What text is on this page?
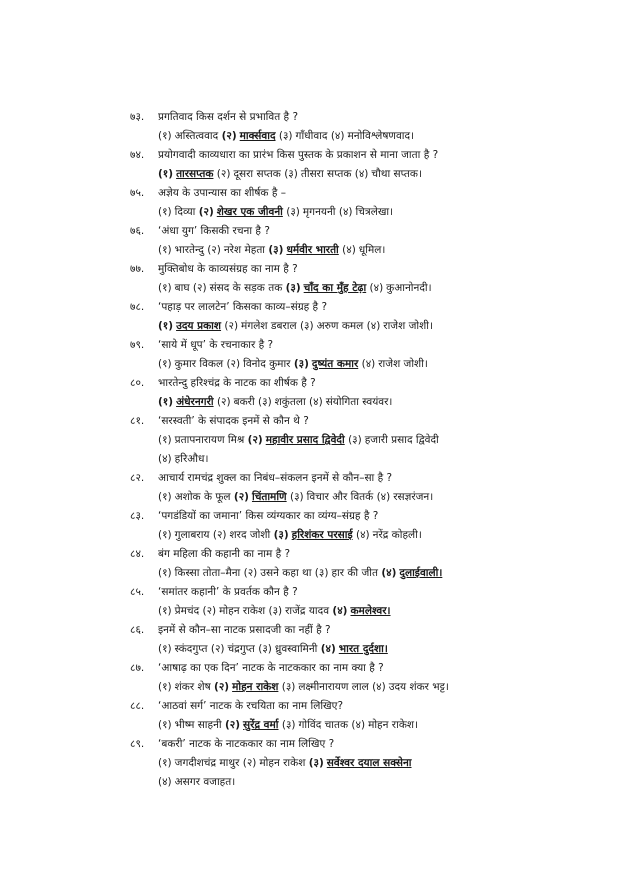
७३.	प्रगतिवाद किस दर्शन से प्रभावित है ?
(१) अस्तित्ववाद (२) मार्क्सवाद (३) गाँधीवाद (४) मनोविश्लेषणवाद।
७४.	प्रयोगवादी काव्यधारा का प्रारंभ किस पुस्तक के प्रकाशन से माना जाता है ?
(१) तारसप्तक (२) दूसरा सप्तक (३) तीसरा सप्तक (४) चौथा सप्तक।
७५.	अज्ञेय के उपान्यास का शीर्षक है –
(१) दिव्या (२) शेखर एक जीवनी (३) मृगनयनी (४) चित्रलेखा।
७६.	‘अंधा युग’ किसकी रचना है ?
(१) भारतेन्दु (२) नरेश मेहता (३) धर्मवीर भारती (४) धूमिल।
७७.	मुक्तिबोध के काव्यसंग्रह का नाम है ?
(१) बाघ (२) संसद के सड़क तक (३) चाँद का मुँह टेढ़ा (४) कुआनोनदी।
७८.	‘पहाड़ पर लालटेन’ किसका काव्य–संग्रह है ?
(१) उदय प्रकाश (२) मंगलेश डबराल (३) अरुण कमल (४) राजेश जोशी।
७९.	‘साये में धूप’ के रचनाकार है ?
(१) कुमार विकल (२) विनोद कुमार (३) दुष्यंत कमार (४) राजेश जोशी।
८०.	भारतेन्दु हरिश्चंद्र के नाटक का शीर्षक है ?
(१) अंधेरनगरी (२) बकरी (३) शकुंतला (४) संयोगिता स्वयंवर।
८१.	‘सरस्वती’ के संपादक इनमें से कौन थे ?
(१) प्रतापनारायण मिश्र (२) महावीर प्रसाद द्विवेदी (३) हजारी प्रसाद द्विवेदी
(४) हरिऔध।
८२.	आचार्य रामचंद्र शुक्ल का निबंध–संकलन इनमें से कौन–सा है ?
(१) अशोक के फूल (२) चिंतामणि (३) विचार और वितर्क (४) रसज्ञरंजन।
८३.	‘पगडंडियों का जमाना’ किस व्यंग्यकार का व्यंग्य–संग्रह है ?
(१) गुलाबराय (२) शरद जोशी (३) हरिशंकर परसाई (४) नरेंद्र कोहली।
८४.	बंग महिला की कहानी का नाम है ?
(१) किस्सा तोता–मैना (२) उसने कहा था (३) हार की जीत (४) दुलाईवाली।
८५.	‘समांतर कहानी’ के प्रवर्तक कौन है ?
(१) प्रेमचंद (२) मोहन राकेश (३) राजेंद्र यादव (४) कमलेश्वर।
८६.	इनमें से कौन–सा नाटक प्रसादजी का नहीं है ?
(१) स्कंदगुप्त (२) चंद्रगुप्त (३) ध्रुवस्वामिनी (४) भारत दुर्दशा।
८७.	‘आषाढ़ का एक दिन’ नाटक के नाटककार का नाम क्या है ?
(१) शंकर शेष (२) मोहन राकेश (३) लक्ष्मीनारायण लाल (४) उदय शंकर भट्ट।
८८.	‘आठवां सर्ग’ नाटक के रचयिता का नाम लिखिए?
(१) भीष्म साहनी (२) सुरेंद्र वर्मा (३) गोविंद चातक (४) मोहन राकेश।
८९.	‘बकरी’ नाटक के नाटककार का नाम लिखिए ?
(१) जगदीशचंद्र माथुर (२) मोहन राकेश (३) सर्वेश्वर दयाल सक्सेना
(४) असगर वजाहत।
